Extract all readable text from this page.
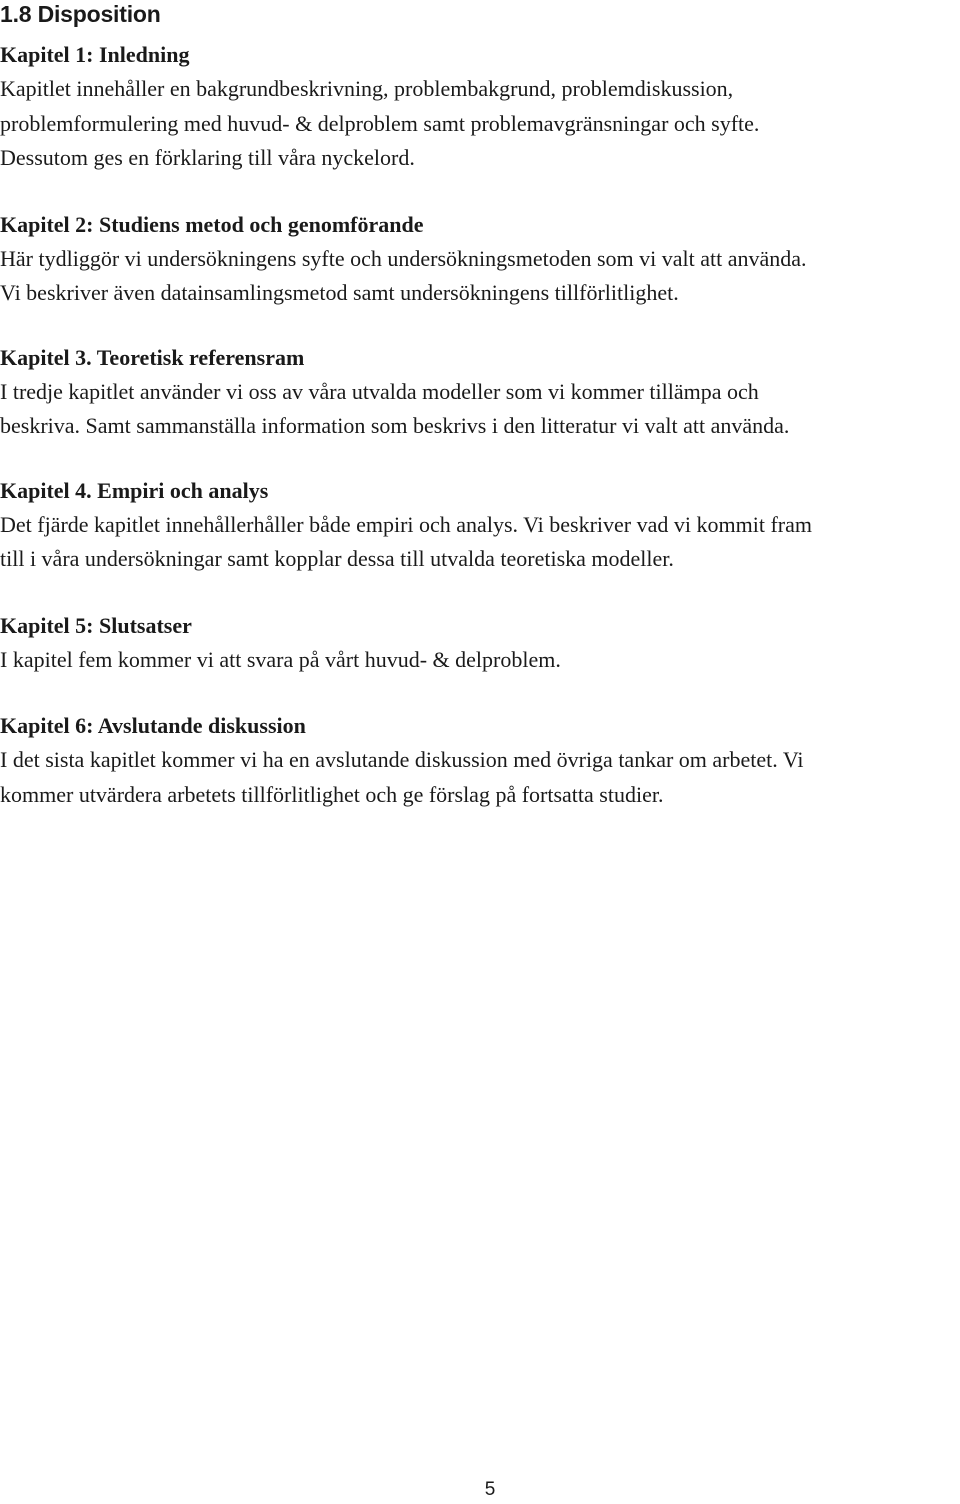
1.8 Disposition
Kapitel 1: Inledning

Kapitlet innehåller en bakgrundbeskrivning, problembakgrund, problemdiskussion,
problemformulering med huvud- & delproblem samt problemavgränsningar och syfte.
Dessutom ges en förklaring till våra nyckelord.

Kapitel 2: Studiens metod och genomförande

Här tydliggör vi undersökningens syfte och undersökningsmetoden som vi valt att använda.
Vi beskriver även datainsamlingsmetod samt undersökningens tillförlitlighet.

Kapitel 3. Teoretisk referensram

I tredje kapitlet använder vi oss av våra utvalda modeller som vi kommer tillämpa och
beskriva. Samt sammanställa information som beskrivs i den litteratur vi valt att använda.

Kapitel 4. Empiri och analys

Det fjärde kapitlet innehållerhåller både empiri och analys. Vi beskriver vad vi kommit fram
till i våra undersökningar samt kopplar dessa till utvalda teoretiska modeller.

Kapitel 5: Slutsatser

I kapitel fem kommer vi att svara på vårt huvud- & delproblem.

Kapitel 6: Avslutande diskussion

I det sista kapitlet kommer vi ha en avslutande diskussion med övriga tankar om arbetet. Vi
kommer utvärdera arbetets tillförlitlighet och ge förslag på fortsatta studier.

5
